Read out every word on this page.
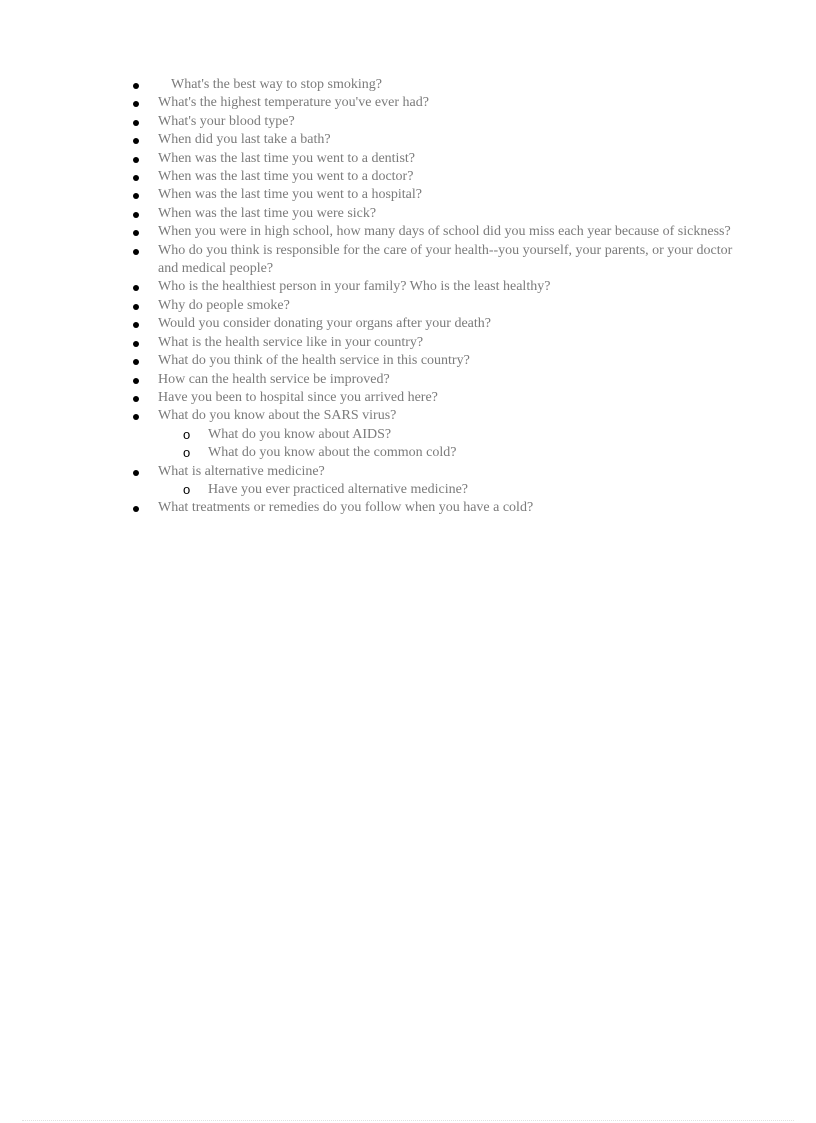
What's the best way to stop smoking?
What's the highest temperature you've ever had?
What's your blood type?
When did you last take a bath?
When was the last time you went to a dentist?
When was the last time you went to a doctor?
When was the last time you went to a hospital?
When was the last time you were sick?
When you were in high school, how many days of school did you miss each year because of sickness?
Who do you think is responsible for the care of your health--you yourself, your parents, or your doctor and medical people?
Who is the healthiest person in your family? Who is the least healthy?
Why do people smoke?
Would you consider donating your organs after your death?
What is the health service like in your country?
What do you think of the health service in this country?
How can the health service be improved?
Have you been to hospital since you arrived here?
What do you know about the SARS virus?
o What do you know about AIDS?
o What do you know about the common cold?
What is alternative medicine?
o Have you ever practiced alternative medicine?
What treatments or remedies do you follow when you have a cold?
